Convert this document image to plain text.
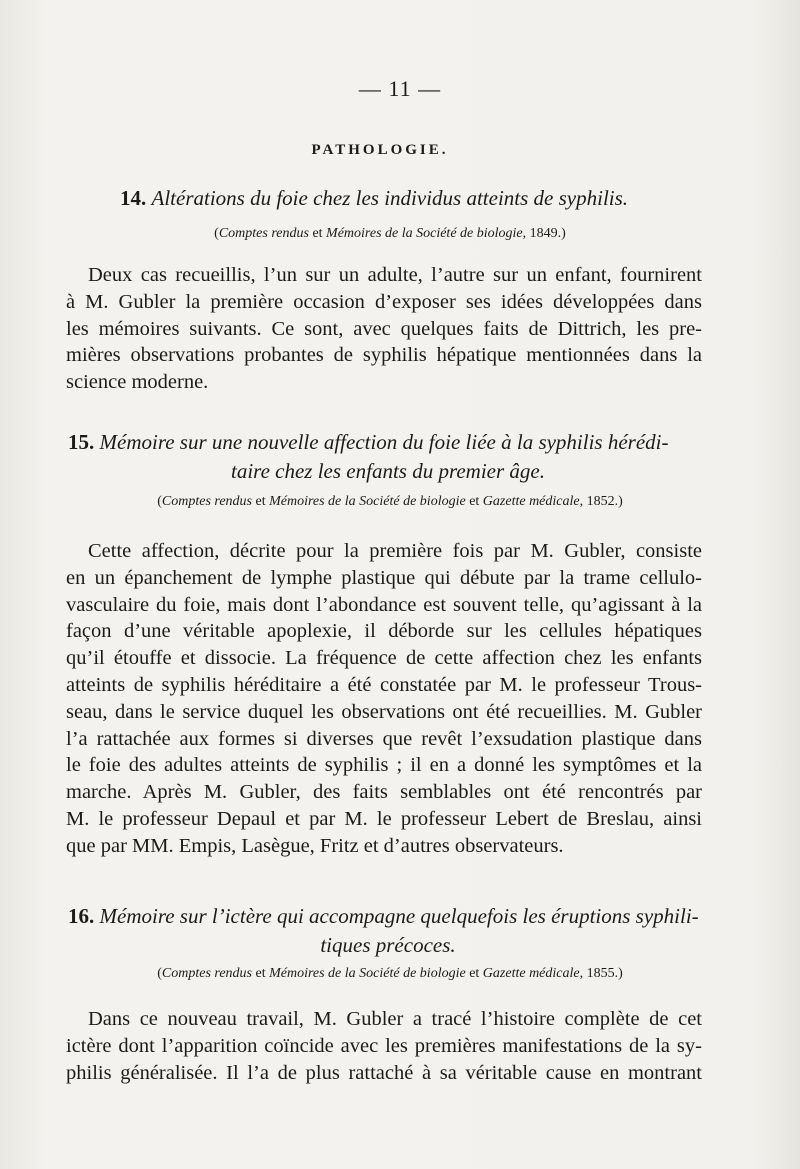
— 11 —
PATHOLOGIE.
14. Altérations du foie chez les individus atteints de syphilis.
(Comptes rendus et Mémoires de la Société de biologie, 1849.)
Deux cas recueillis, l’un sur un adulte, l’autre sur un enfant, fournirent
à M. Gubler la première occasion d’exposer ses idées développées dans
les mémoires suivants. Ce sont, avec quelques faits de Dittrich, les pre-
mières observations probantes de syphilis hépatique mentionnées dans la
science moderne.
15. Mémoire sur une nouvelle affection du foie liée à la syphilis hérédi-
taire chez les enfants du premier âge.
(Comptes rendus et Mémoires de la Société de biologie et Gazette médicale, 1852.)
Cette affection, décrite pour la première fois par M. Gubler, consiste
en un épanchement de lymphe plastique qui débute par la trame cellulo-
vasculaire du foie, mais dont l’abondance est souvent telle, qu’agissant à la
façon d’une véritable apoplexie, il déborde sur les cellules hépatiques
qu’il étouffe et dissocie. La fréquence de cette affection chez les enfants
atteints de syphilis héréditaire a été constatée par M. le professeur Trous-
seau, dans le service duquel les observations ont été recueillies. M. Gubler
l’a rattachée aux formes si diverses que revêt l’exsudation plastique dans
le foie des adultes atteints de syphilis ; il en a donné les symptômes et la
marche. Après M. Gubler, des faits semblables ont été rencontrés par
M. le professeur Depaul et par M. le professeur Lebert de Breslau, ainsi
que par MM. Empis, Lasègue, Fritz et d’autres observateurs.
16. Mémoire sur l’ictère qui accompagne quelquefois les éruptions syphili-
tiques précoces.
(Comptes rendus et Mémoires de la Société de biologie et Gazette médicale, 1855.)
Dans ce nouveau travail, M. Gubler a tracé l’histoire complète de cet
ictère dont l’apparition coïncide avec les premières manifestations de la sy-
philis généralisée. Il l’a de plus rattaché à sa véritable cause en montrant
